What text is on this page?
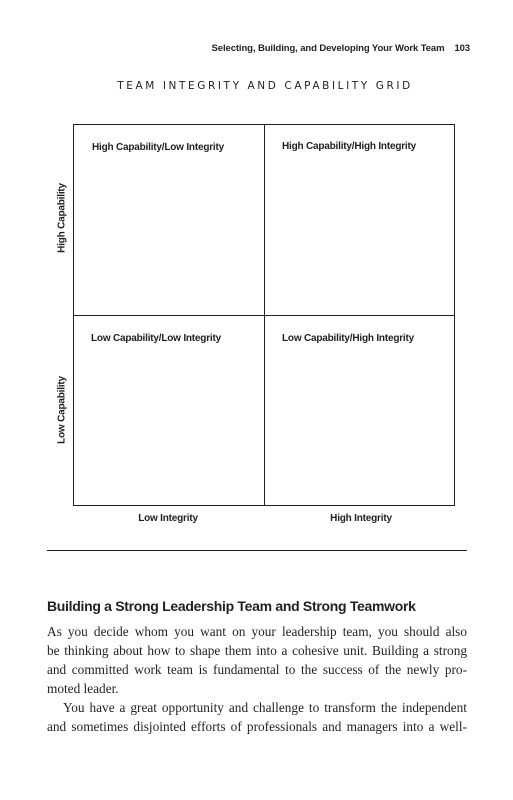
Selecting, Building, and Developing Your Work Team 103
TEAM INTEGRITY AND CAPABILITY GRID
High Capability/Low Integrity	High Capability/High Integrity
Low Capability/Low Integrity	Low Capability/High Integrity
High Capability
Low Capability
Low Integrity	High Integrity
Building a Strong Leadership Team and Strong Teamwork
As you decide whom you want on your leadership team, you should also
be thinking about how to shape them into a cohesive unit. Building a strong
and committed work team is fundamental to the success of the newly pro-
moted leader.
You have a great opportunity and challenge to transform the independent
and sometimes disjointed efforts of professionals and managers into a well-
